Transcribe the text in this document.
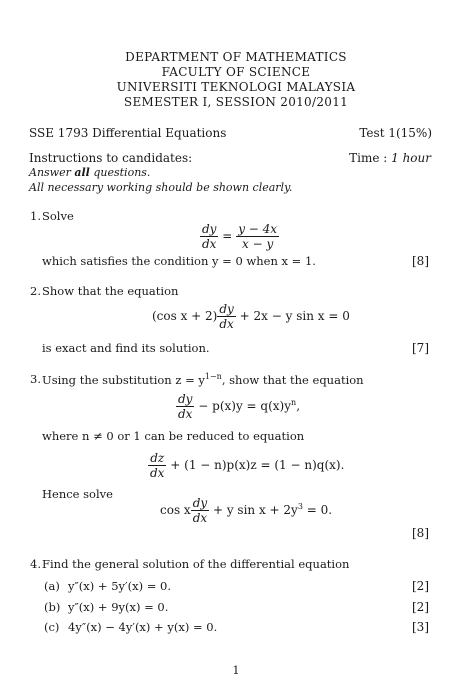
DEPARTMENT OF MATHEMATICS
FACULTY OF SCIENCE
UNIVERSITI TEKNOLOGI MALAYSIA
SEMESTER I, SESSION 2010/2011
SSE 1793 Differential Equations	Test 1(15%)
Instructions to candidates:
Answer all questions.
All necessary working should be shown clearly.
Time : 1 hour
1. Solve
$\frac{dy}{dx} = \frac{y - 4x}{x - y}$
which satisfies the condition y = 0 when x = 1.	[8]
2. Show that the equation
(cos $x + 2) \frac{dy}{dx} + 2x - y$ sin x = 0
is exact and find its solution.	[7]
3. Using the substitution $z = y^{1-n}$, show that the equation
$\frac{dy}{dx} - p(x)y = q(x)y^n$,
where n ≠ 0 or 1 can be reduced to equation
$\frac{dz}{dx} + (1 - n)p(x)z = (1 - n)q(x)$.
Hence solve
cos x $\frac{dy}{dx} + y$ $\sin x + 2y^3 = 0$.
[8]
4. Find the general solution of the differential equation
(a) y″(x) + 5y′(x) = 0.	[2]
(b) y″(x) + 9y(x) = 0.	[2]
(c) 4y″(x) − 4y′(x) + y(x) = 0.	[3]
1
